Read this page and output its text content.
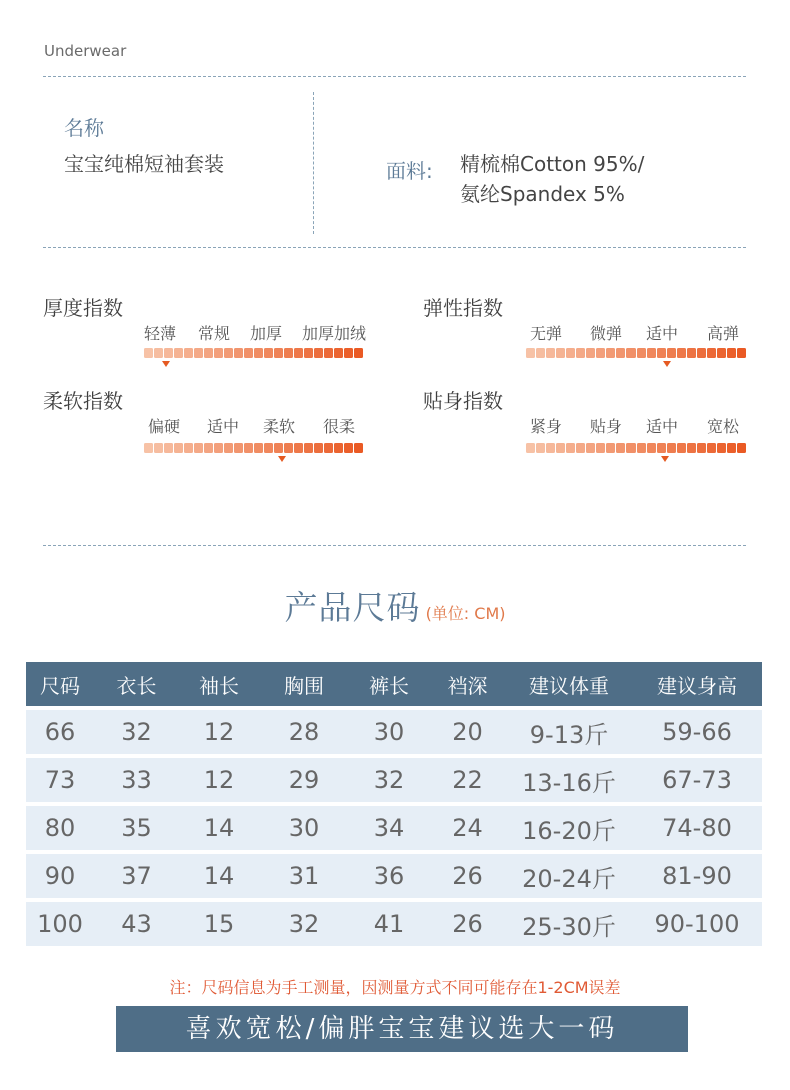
Underwear
名称
宝宝纯棉短袖套装	面料: 精梳棉Cotton 95%/
氨纶Spandex 5%
厚度指数
轻薄 常规 加厚 加厚加绒
弹性指数
无弹 微弹 适中 高弹
柔软指数
偏硬 适中 柔软 很柔
贴身指数
紧身 贴身 适中 宽松
产品尺码 (单位: CM)
尺码	衣长	袖长	胸围	裤长	裆深	建议体重	建议身高
66	32	12	28	30	20	9-13斤	59-66
73	33	12	29	32	22	13-16斤	67-73
80	35	14	30	34	24	16-20斤	74-80
90	37	14	31	36	26	20-24斤	81-90
100	43	15	32	41	26	25-30斤	90-100
注：尺码信息为手工测量，因测量方式不同可能存在1-2CM误差
喜欢宽松/偏胖宝宝建议选大一码
